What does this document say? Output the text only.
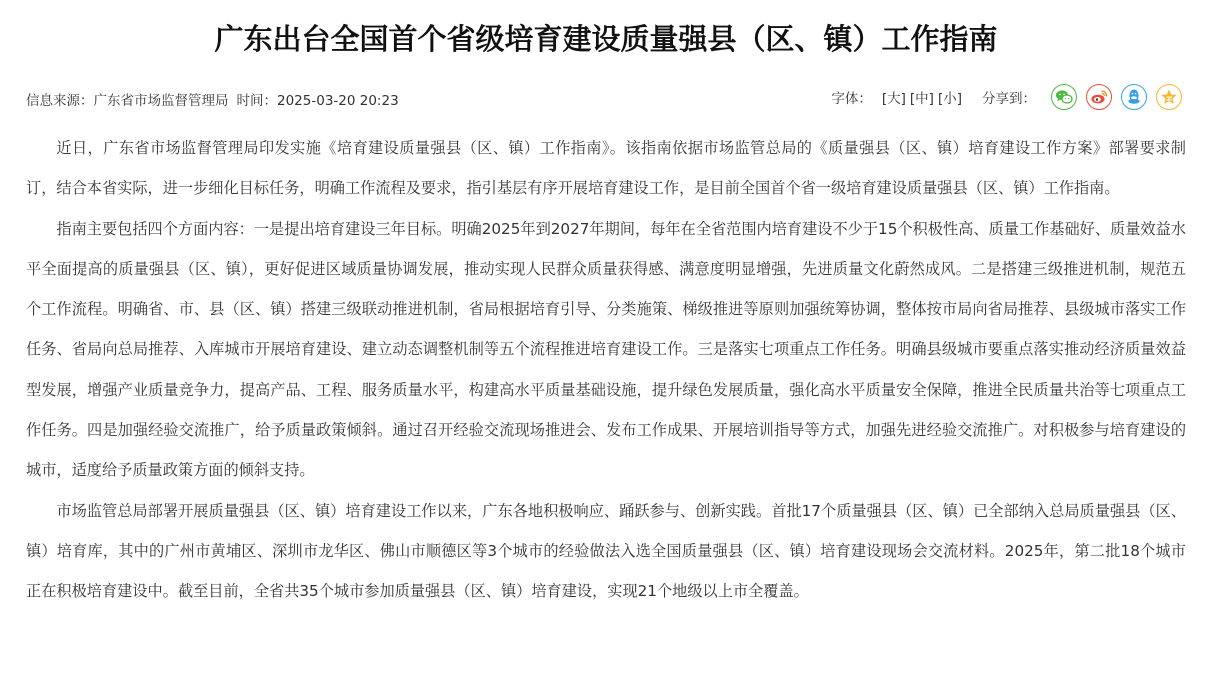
广东出台全国首个省级培育建设质量强县（区、镇）工作指南
信息来源：广东省市场监督管理局 时间：2025-03-20 20:23	字体： [大] [中] [小] 分享到：

近日，广东省市场监督管理局印发实施《培育建设质量强县（区、镇）工作指南》。该指南依据市场监管总局的《质量强县（区、镇）培育建设工作方案》部署要求制订，结合本省实际，进一步细化目标任务，明确工作流程及要求，指引基层有序开展培育建设工作，是目前全国首个省一级培育建设质量强县（区、镇）工作指南。

指南主要包括四个方面内容：一是提出培育建设三年目标。明确2025年到2027年期间，每年在全省范围内培育建设不少于15个积极性高、质量工作基础好、质量效益水平全面提高的质量强县（区、镇），更好促进区域质量协调发展，推动实现人民群众质量获得感、满意度明显增强，先进质量文化蔚然成风。二是搭建三级推进机制，规范五个工作流程。明确省、市、县（区、镇）搭建三级联动推进机制，省局根据培育引导、分类施策、梯级推进等原则加强统筹协调，整体按市局向省局推荐、县级城市落实工作任务、省局向总局推荐、入库城市开展培育建设、建立动态调整机制等五个流程推进培育建设工作。三是落实七项重点工作任务。明确县级城市要重点落实推动经济质量效益型发展，增强产业质量竞争力，提高产品、工程、服务质量水平，构建高水平质量基础设施，提升绿色发展质量，强化高水平质量安全保障，推进全民质量共治等七项重点工作任务。四是加强经验交流推广，给予质量政策倾斜。通过召开经验交流现场推进会、发布工作成果、开展培训指导等方式，加强先进经验交流推广。对积极参与培育建设的城市，适度给予质量政策方面的倾斜支持。

市场监管总局部署开展质量强县（区、镇）培育建设工作以来，广东各地积极响应、踊跃参与、创新实践。首批17个质量强县（区、镇）已全部纳入总局质量强县（区、镇）培育库，其中的广州市黄埔区、深圳市龙华区、佛山市顺德区等3个城市的经验做法入选全国质量强县（区、镇）培育建设现场会交流材料。2025年，第二批18个城市正在积极培育建设中。截至目前，全省共35个城市参加质量强县（区、镇）培育建设，实现21个地级以上市全覆盖。
